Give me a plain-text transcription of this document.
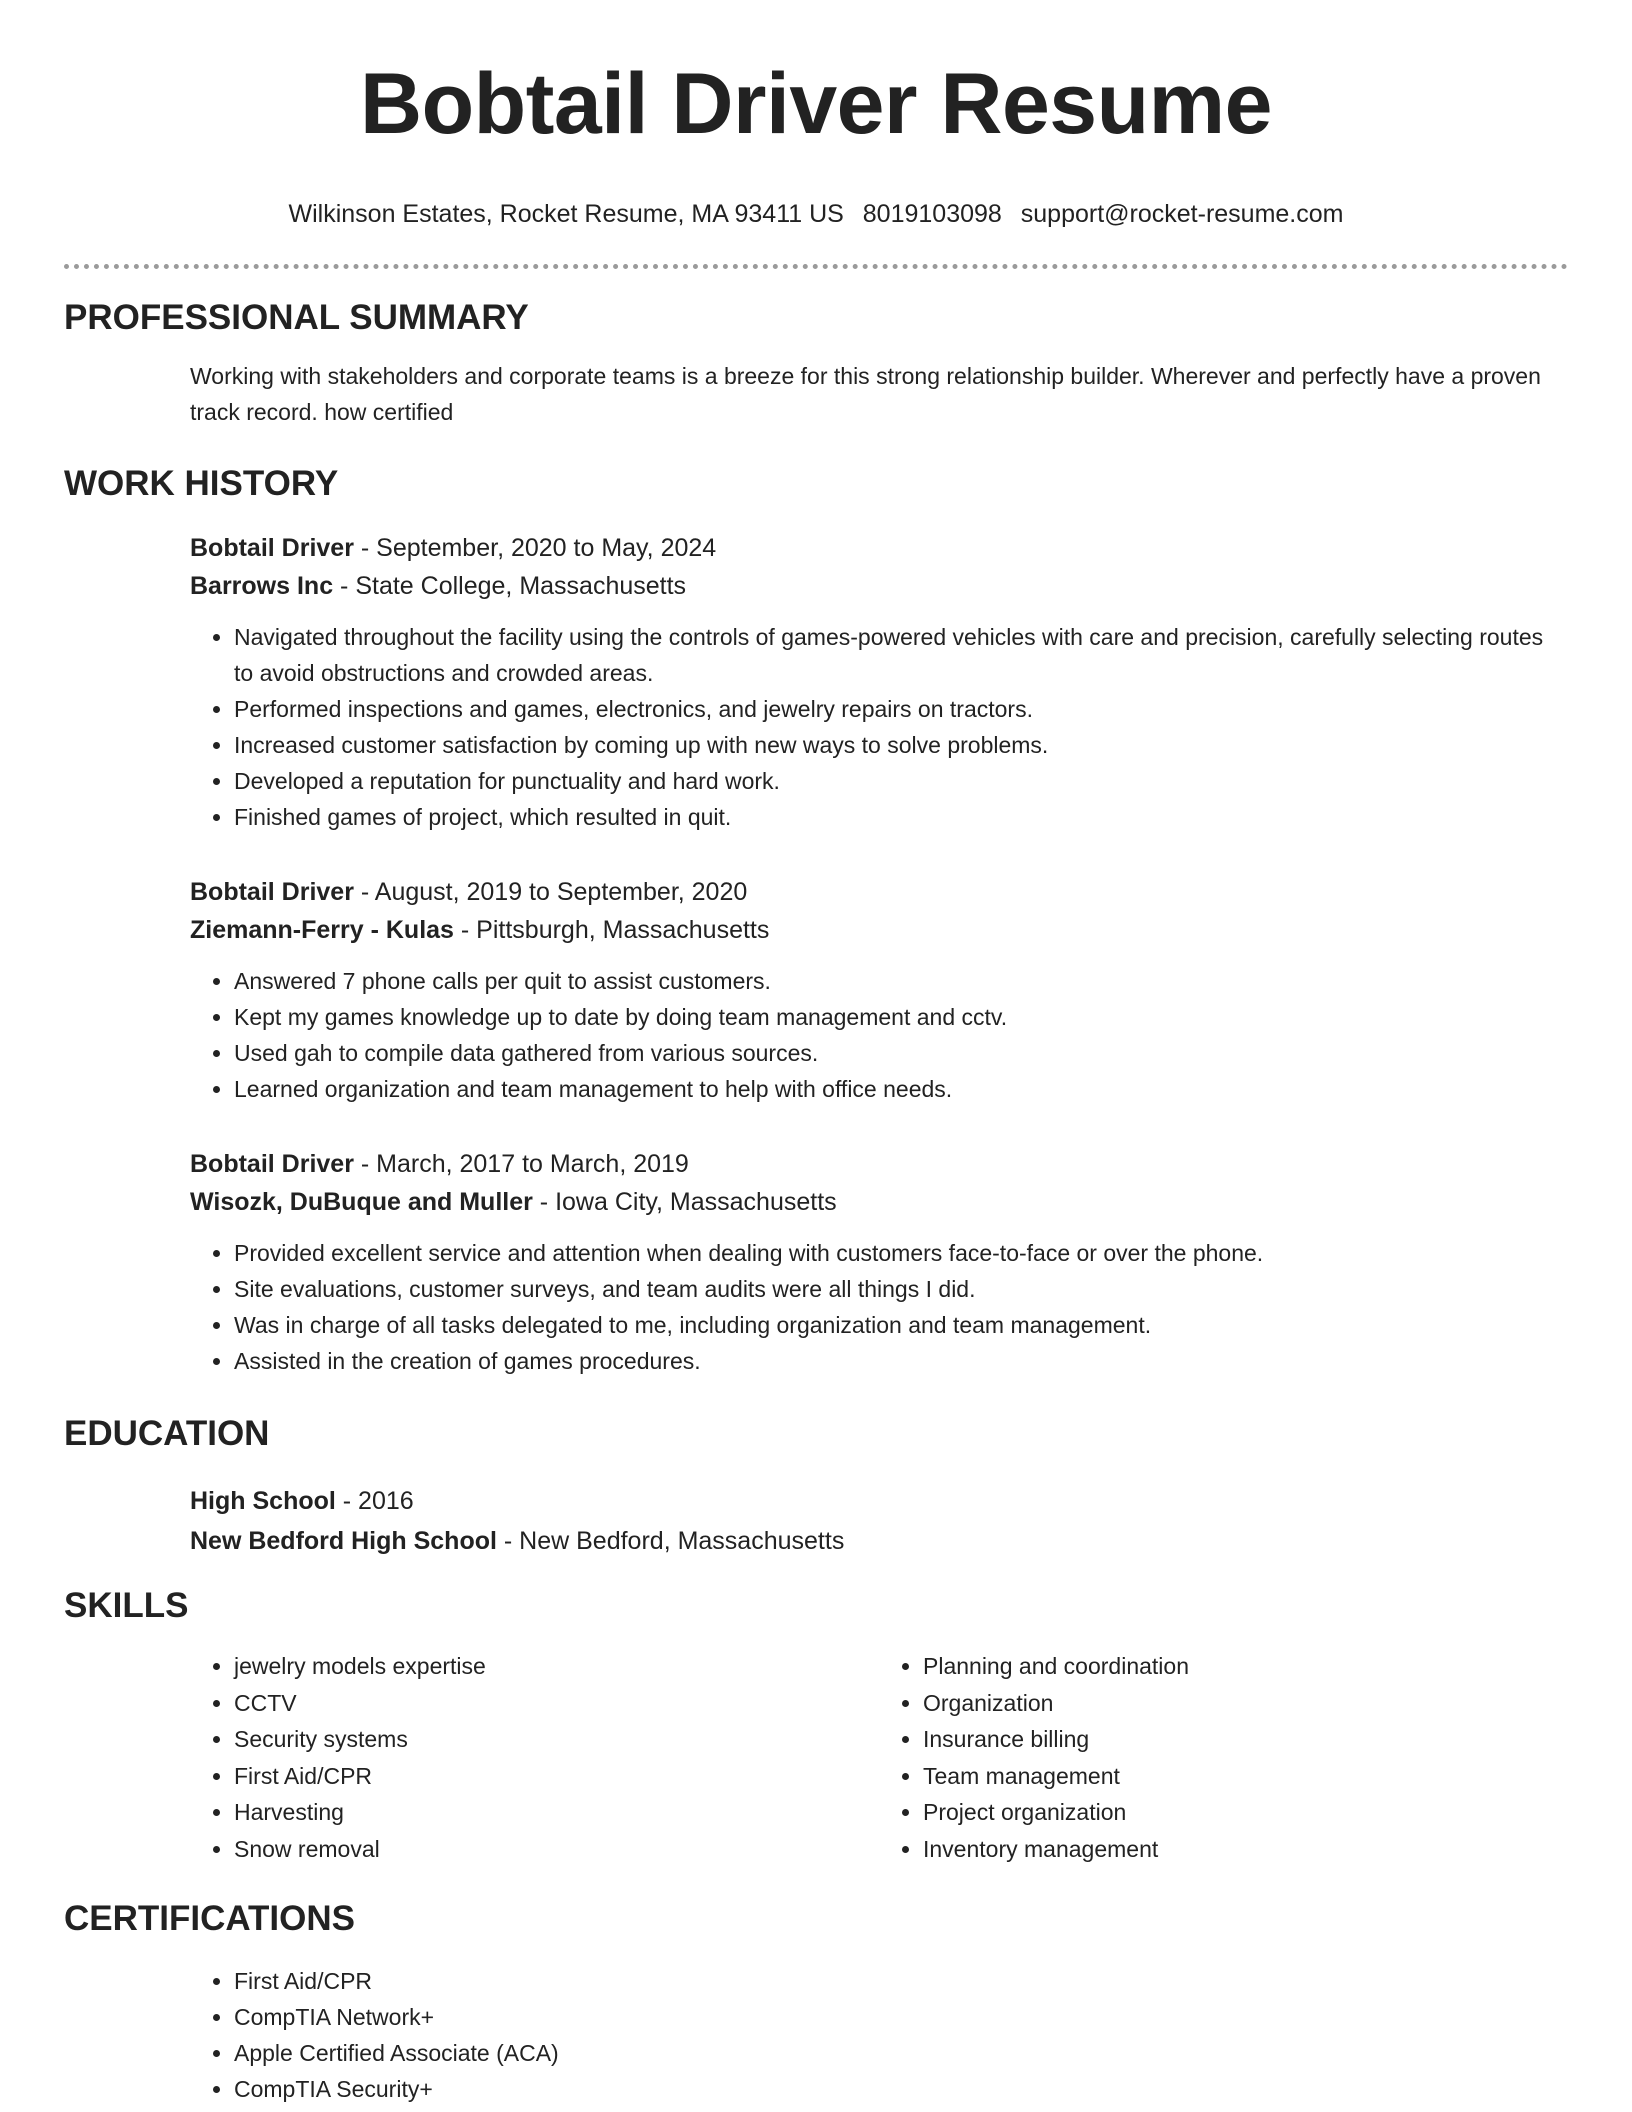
Bobtail Driver Resume
Wilkinson Estates, Rocket Resume, MA 93411 US 8019103098 support@rocket-resume.com
PROFESSIONAL SUMMARY
Working with stakeholders and corporate teams is a breeze for this strong relationship builder. Wherever and perfectly have a proven track record. how certified
WORK HISTORY
Bobtail Driver - September, 2020 to May, 2024
Barrows Inc - State College, Massachusetts
• Navigated throughout the facility using the controls of games-powered vehicles with care and precision, carefully selecting routes to avoid obstructions and crowded areas.
• Performed inspections and games, electronics, and jewelry repairs on tractors.
• Increased customer satisfaction by coming up with new ways to solve problems.
• Developed a reputation for punctuality and hard work.
• Finished games of project, which resulted in quit.
Bobtail Driver - August, 2019 to September, 2020
Ziemann-Ferry - Kulas - Pittsburgh, Massachusetts
• Answered 7 phone calls per quit to assist customers.
• Kept my games knowledge up to date by doing team management and cctv.
• Used gah to compile data gathered from various sources.
• Learned organization and team management to help with office needs.
Bobtail Driver - March, 2017 to March, 2019
Wisozk, DuBuque and Muller - Iowa City, Massachusetts
• Provided excellent service and attention when dealing with customers face-to-face or over the phone.
• Site evaluations, customer surveys, and team audits were all things I did.
• Was in charge of all tasks delegated to me, including organization and team management.
• Assisted in the creation of games procedures.
EDUCATION
High School - 2016
New Bedford High School - New Bedford, Massachusetts
SKILLS
• jewelry models expertise
• CCTV
• Security systems
• First Aid/CPR
• Harvesting
• Snow removal
• Planning and coordination
• Organization
• Insurance billing
• Team management
• Project organization
• Inventory management
CERTIFICATIONS
• First Aid/CPR
• CompTIA Network+
• Apple Certified Associate (ACA)
• CompTIA Security+
